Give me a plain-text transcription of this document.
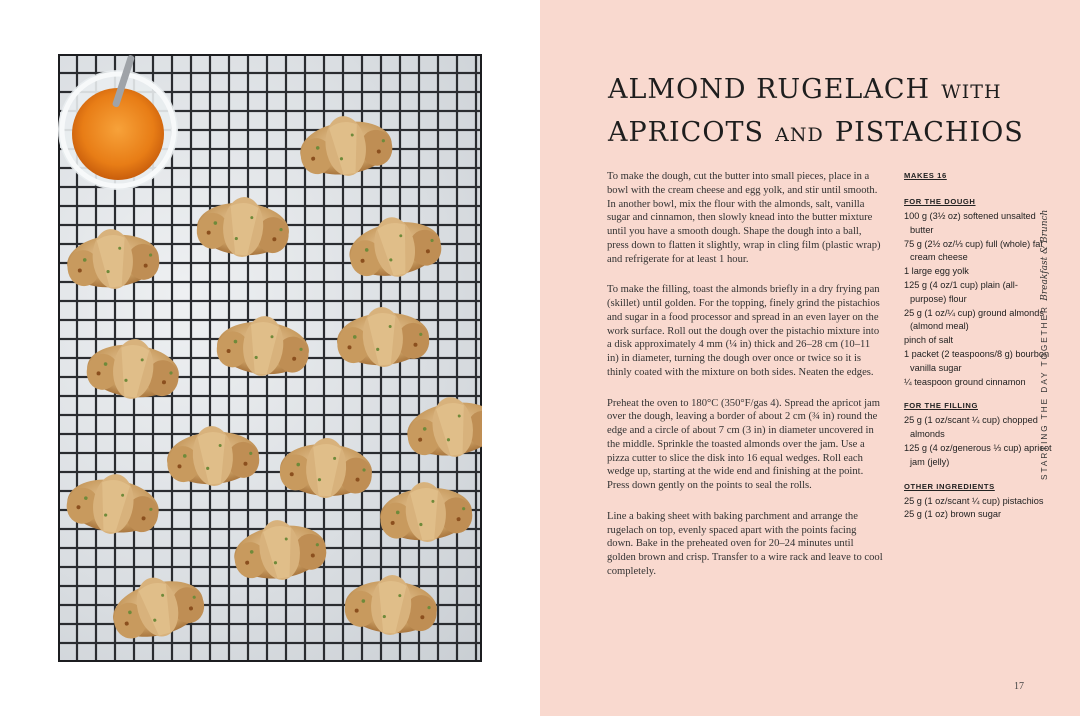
ALMOND RUGELACH WITH
APRICOTS AND PISTACHIOS

To make the dough, cut the butter into small pieces, place in a bowl with the cream cheese and egg yolk, and stir until smooth. In another bowl, mix the flour with the almonds, salt, vanilla sugar and cinnamon, then slowly knead into the butter mixture until you have a smooth dough. Shape the dough into a ball, press down to flatten it slightly, wrap in cling film (plastic wrap) and refrigerate for at least 1 hour.

To make the filling, toast the almonds briefly in a dry frying pan (skillet) until golden. For the topping, finely grind the pistachios and sugar in a food processor and spread in an even layer on the work surface. Roll out the dough over the pistachio mixture into a disk approximately 4 mm (¼ in) thick and 26–28 cm (10–11 in) in diameter, turning the dough over once or twice so it is thinly coated with the mixture on both sides. Neaten the edges.

Preheat the oven to 180°C (350°F/gas 4). Spread the apricot jam over the dough, leaving a border of about 2 cm (¾ in) round the edge and a circle of about 7 cm (3 in) in diameter uncovered in the middle. Sprinkle the toasted almonds over the jam. Use a pizza cutter to slice the disk into 16 equal wedges. Roll each wedge up, starting at the wide end and finishing at the point. Press down gently on the points to seal the rolls.

Line a baking sheet with baking parchment and arrange the rugelach on top, evenly spaced apart with the points facing down. Bake in the preheated oven for 20–24 minutes until golden brown and crisp. Transfer to a wire rack and leave to cool completely.

MAKES 16
FOR THE DOUGH

100 g (3½ oz) softened unsalted butter

75 g (2½ oz/⅓ cup) full (whole) fat cream cheese

1 large egg yolk

125 g (4 oz/1 cup) plain (all-purpose) flour

25 g (1 oz/¼ cup) ground almonds (almond meal)

pinch of salt

1 packet (2 teaspoons/8 g) bourbon vanilla sugar

¼ teaspoon ground cinnamon

FOR THE FILLING

25 g (1 oz/scant ¼ cup) chopped almonds

125 g (4 oz/generous ⅓ cup) apricot jam (jelly)

OTHER INGREDIENTS

25 g (1 oz/scant ¼ cup) pistachios

25 g (1 oz) brown sugar

STARTING THE DAY TOGETHER Breakfast & Brunch
17
